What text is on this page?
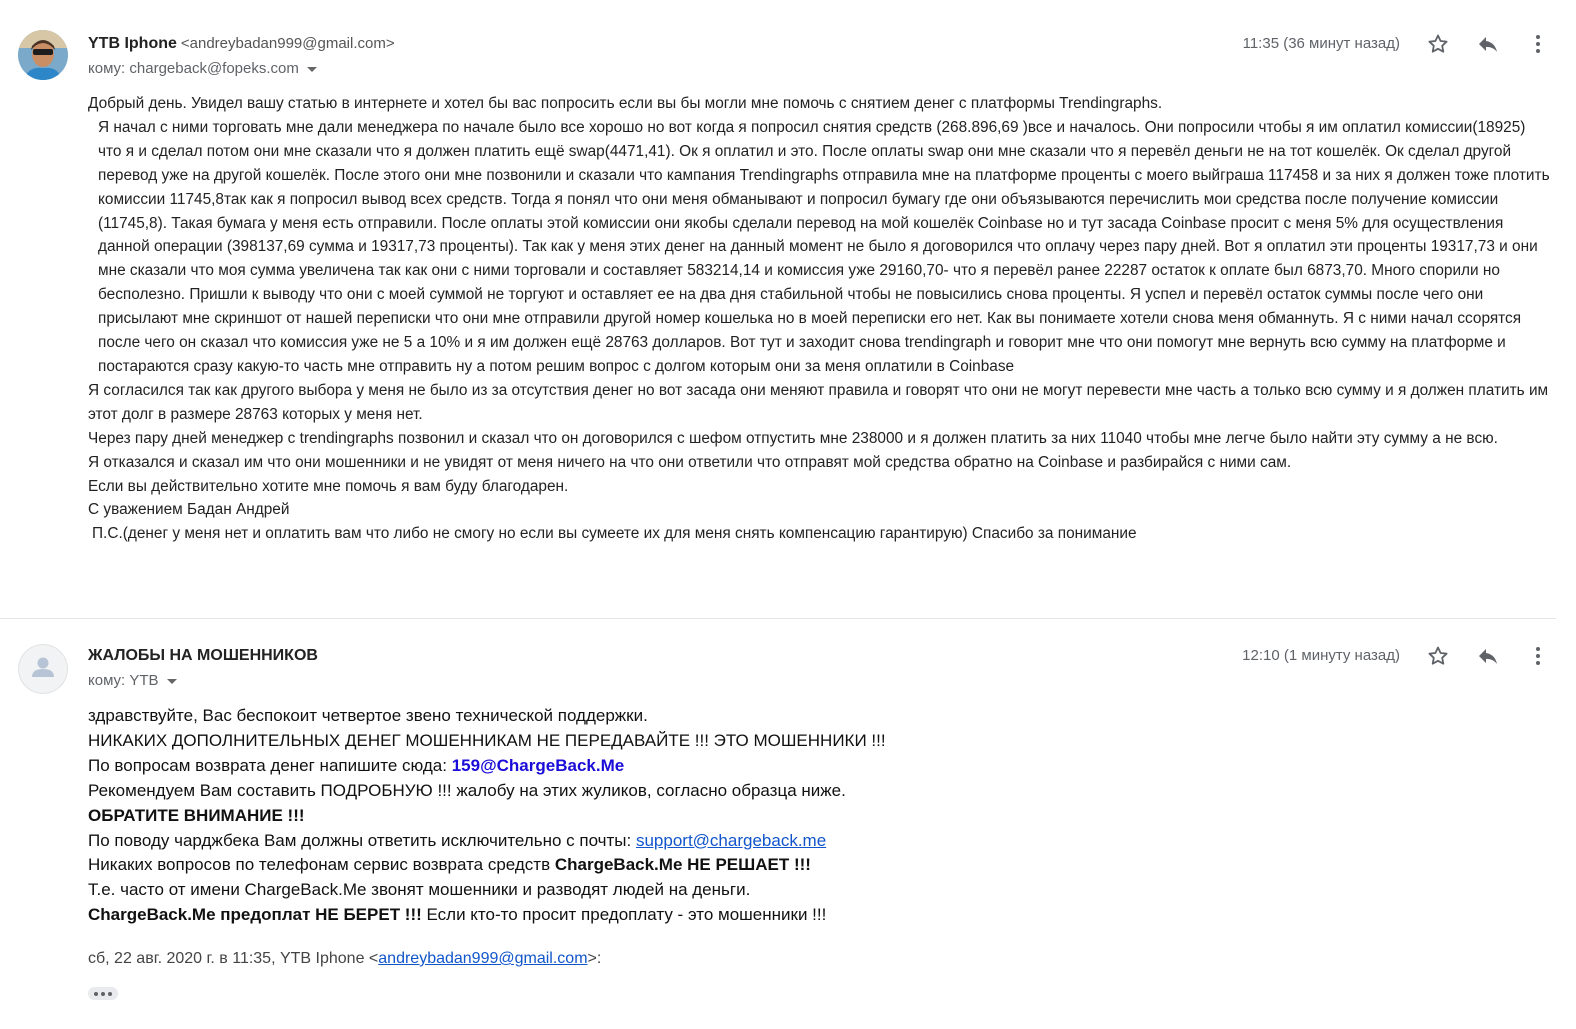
YTB Iphone <andreybadan999@gmail.com>
кому: chargeback@fopeks.com
11:35 (36 минут назад)

Добрый день. Увидел вашу статью в интернете и хотел бы вас попросить если вы бы могли мне помочь с снятием денег с платформы Trendingraphs.

Я начал с ними торговать мне дали менеджера по начале было все хорошо но вот когда я попросил снятия средств (268.896,69 )все и началось. Они попросили чтобы я им оплатил комиссии(18925) что я и сделал потом они мне сказали что я должен платить ещё swap(4471,41). Ок я оплатил и это. После оплаты swap они мне сказали что я перевёл деньги не на тот кошелёк. Ок сделал другой перевод уже на другой кошелёк. После этого они мне позвонили и сказали что кампания Trendingraphs отправила мне на платформе проценты с моего выйграша 117458 и за них я должен тоже плотить комиссии 11745,8так как я попросил вывод всех средств. Тогда я понял что они меня обманывают и попросил бумагу где они объязываются перечислить мои средства после получение комиссии (11745,8). Такая бумага у меня есть отправили. После оплаты этой комиссии они якобы сделали перевод на мой кошелёк Coinbase но и тут засада Coinbase просит с меня 5% для осуществления данной операции (398137,69 сумма и 19317,73 проценты). Так как у меня этих денег на данный момент не было я договорился что оплачу через пару дней. Вот я оплатил эти проценты 19317,73 и они мне сказали что моя сумма увеличена так как они с ними торговали и составляет 583214,14 и комиссия уже 29160,70- что я перевёл ранее 22287 остаток к оплате был 6873,70. Много спорили но бесполезно. Пришли к выводу что они с моей суммой не торгуют и оставляет ее на два дня стабильной чтобы не повысились снова проценты. Я успел и перевёл остаток суммы после чего они присылают мне скриншот от нашей переписки что они мне отправили другой номер кошелька но в моей переписки его нет. Как вы понимаете хотели снова меня обманнуть. Я с ними начал ссорятся после чего он сказал что комиссия уже не 5 а 10% и я им должен ещё 28763 долларов. Вот тут и заходит снова trendingraph и говорит мне что они помогут мне вернуть всю сумму на платформе и постараются сразу какую-то часть мне отправить ну а потом решим вопрос с долгом которым они за меня оплатили в Coinbase

Я согласился так как другого выбора у меня не было из за отсутствия денег но вот засада они меняют правила и говорят что они не могут перевести мне часть а только всю сумму и я должен платить им этот долг в размере 28763 которых у меня нет.

Через пару дней менеджер с trendingraphs позвонил и сказал что он договорился с шефом отпустить мне 238000 и я должен платить за них 11040 чтобы мне легче было найти эту сумму а не всю.

Я отказался и сказал им что они мошенники и не увидят от меня ничего на что они ответили что отправят мой средства обратно на Coinbase и разбирайся с ними сам.

Если вы действительно хотите мне помочь я вам буду благодарен.

С уважением Бадан Андрей

П.С.(денег у меня нет и оплатить вам что либо не смогу но если вы сумеете их для меня снять компенсацию гарантирую) Спасибо за понимание

ЖАЛОБЫ НА МОШЕННИКОВ
кому: YTB
12:10 (1 минуту назад)

здравствуйте, Вас беспокоит четвертое звено технической поддержки.

НИКАКИХ ДОПОЛНИТЕЛЬНЫХ ДЕНЕГ МОШЕННИКАМ НЕ ПЕРЕДАВАЙТЕ !!! ЭТО МОШЕННИКИ !!!

По вопросам возврата денег напишите сюда: 159@ChargeBack.Me

Рекомендуем Вам составить ПОДРОБНУЮ !!! жалобу на этих жуликов, согласно образца ниже.

ОБРАТИТЕ ВНИМАНИЕ !!!

По поводу чарджбека Вам должны ответить исключительно с почты: support@chargeback.me

Никаких вопросов по телефонам сервис возврата средств ChargeBack.Me НЕ РЕШАЕТ !!!

Т.е. часто от имени ChargeBack.Me звонят мошенники и разводят людей на деньги.

ChargeBack.Me предоплат НЕ БЕРЕТ !!! Если кто-то просит предоплату - это мошенники !!!

сб, 22 авг. 2020 г. в 11:35, YTB Iphone <andreybadan999@gmail.com>:
